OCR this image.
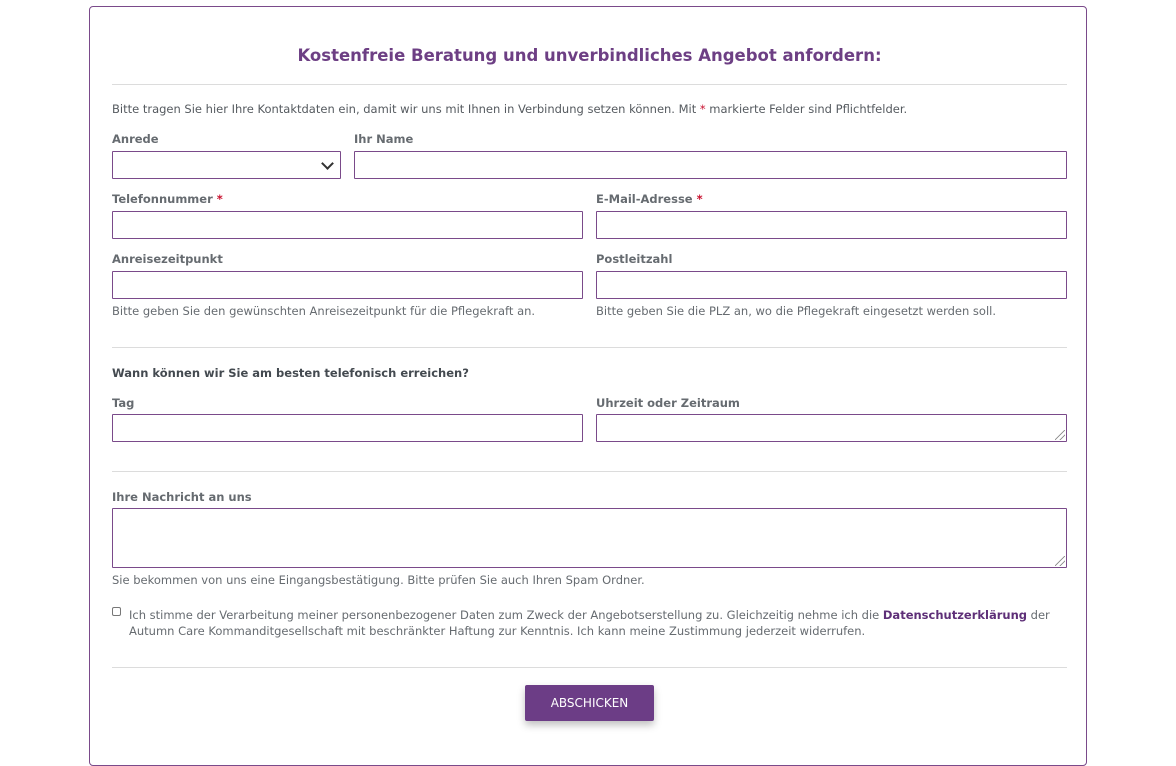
Kostenfreie Beratung und unverbindliches Angebot anfordern:
Bitte tragen Sie hier Ihre Kontaktdaten ein, damit wir uns mit Ihnen in Verbindung setzen können. Mit * markierte Felder sind Pflichtfelder.
Anrede	Ihr Name
Telefonnummer *	E-Mail-Adresse *
Anreisezeitpunkt
Bitte geben Sie den gewünschten Anreisezeitpunkt für die Pflegekraft an.
Postleitzahl
Bitte geben Sie die PLZ an, wo die Pflegekraft eingesetzt werden soll.
Wann können wir Sie am besten telefonisch erreichen?
Tag	Uhrzeit oder Zeitraum
Ihre Nachricht an uns
Sie bekommen von uns eine Eingangsbestätigung. Bitte prüfen Sie auch Ihren Spam Ordner.
Ich stimme der Verarbeitung meiner personenbezogener Daten zum Zweck der Angebotserstellung zu. Gleichzeitig nehme ich die Datenschutzerklärung der Autumn Care Kommanditgesellschaft mit beschränkter Haftung zur Kenntnis. Ich kann meine Zustimmung jederzeit widerrufen.
ABSCHICKEN
